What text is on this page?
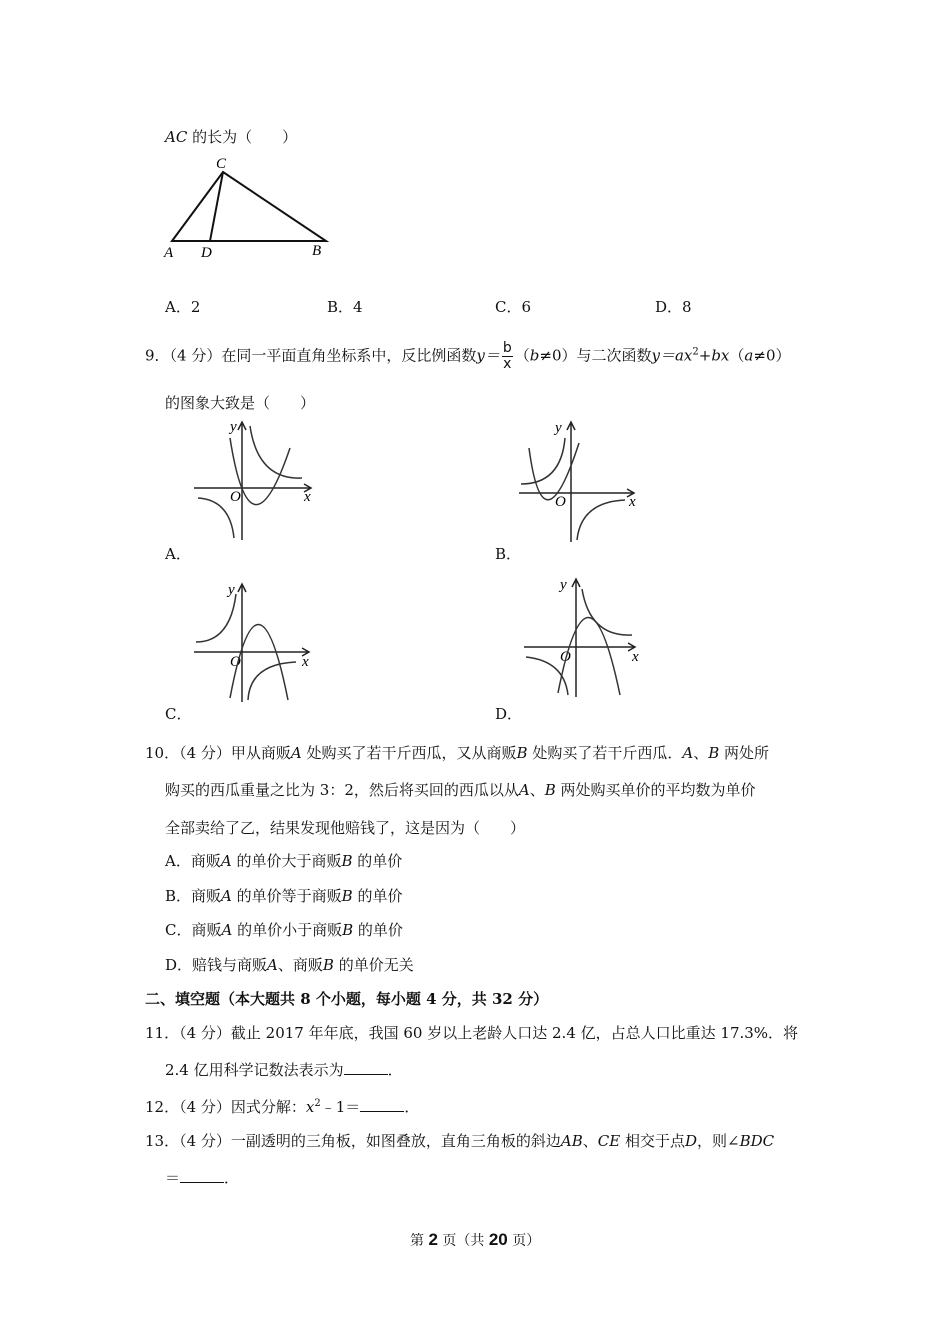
AC 的长为（　　）
C
A D	B
A．2	B．4	C．6	D．8
9．（4 分）在同一平面直角坐标系中，反比例函数$y= \frac{b}{x} (b\ne 0)$与二次函数$y=ax^2+bx(a\ne 0)$
的图象大致是（　　）
y
O	x
A．
y
O	x
B．
y
O	x
C．
y
O	x
D．
10．（4 分）甲从商贩A 处购买了若干斤西瓜，又从商贩B 处购买了若干斤西瓜．A、B 两处所
购买的西瓜重量之比为 3：2，然后将买回的西瓜以从A、B 两处购买单价的平均数为单价
全部卖给了乙，结果发现他赔钱了，这是因为（　　）
A．商贩A 的单价大于商贩B 的单价
B．商贩A 的单价等于商贩B 的单价
C．商贩A 的单价小于商贩B 的单价
D．赔钱与商贩A、商贩B 的单价无关
二、填空题（本大题共 8 个小题，每小题 4 分，共 32 分）
11．（4 分）截止 2017 年年底，我国 60 岁以上老龄人口达 2.4 亿，占总人口比重达 17.3%．将
2.4 亿用科学记数法表示为	．
12．（4 分）因式分解：$x^2﹣1=$	．
13．（4 分）一副透明的三角板，如图叠放，直角三角板的斜边AB、CE 相交于点D，则∠BDC
＝	．
第 2 页（共 20 页）
